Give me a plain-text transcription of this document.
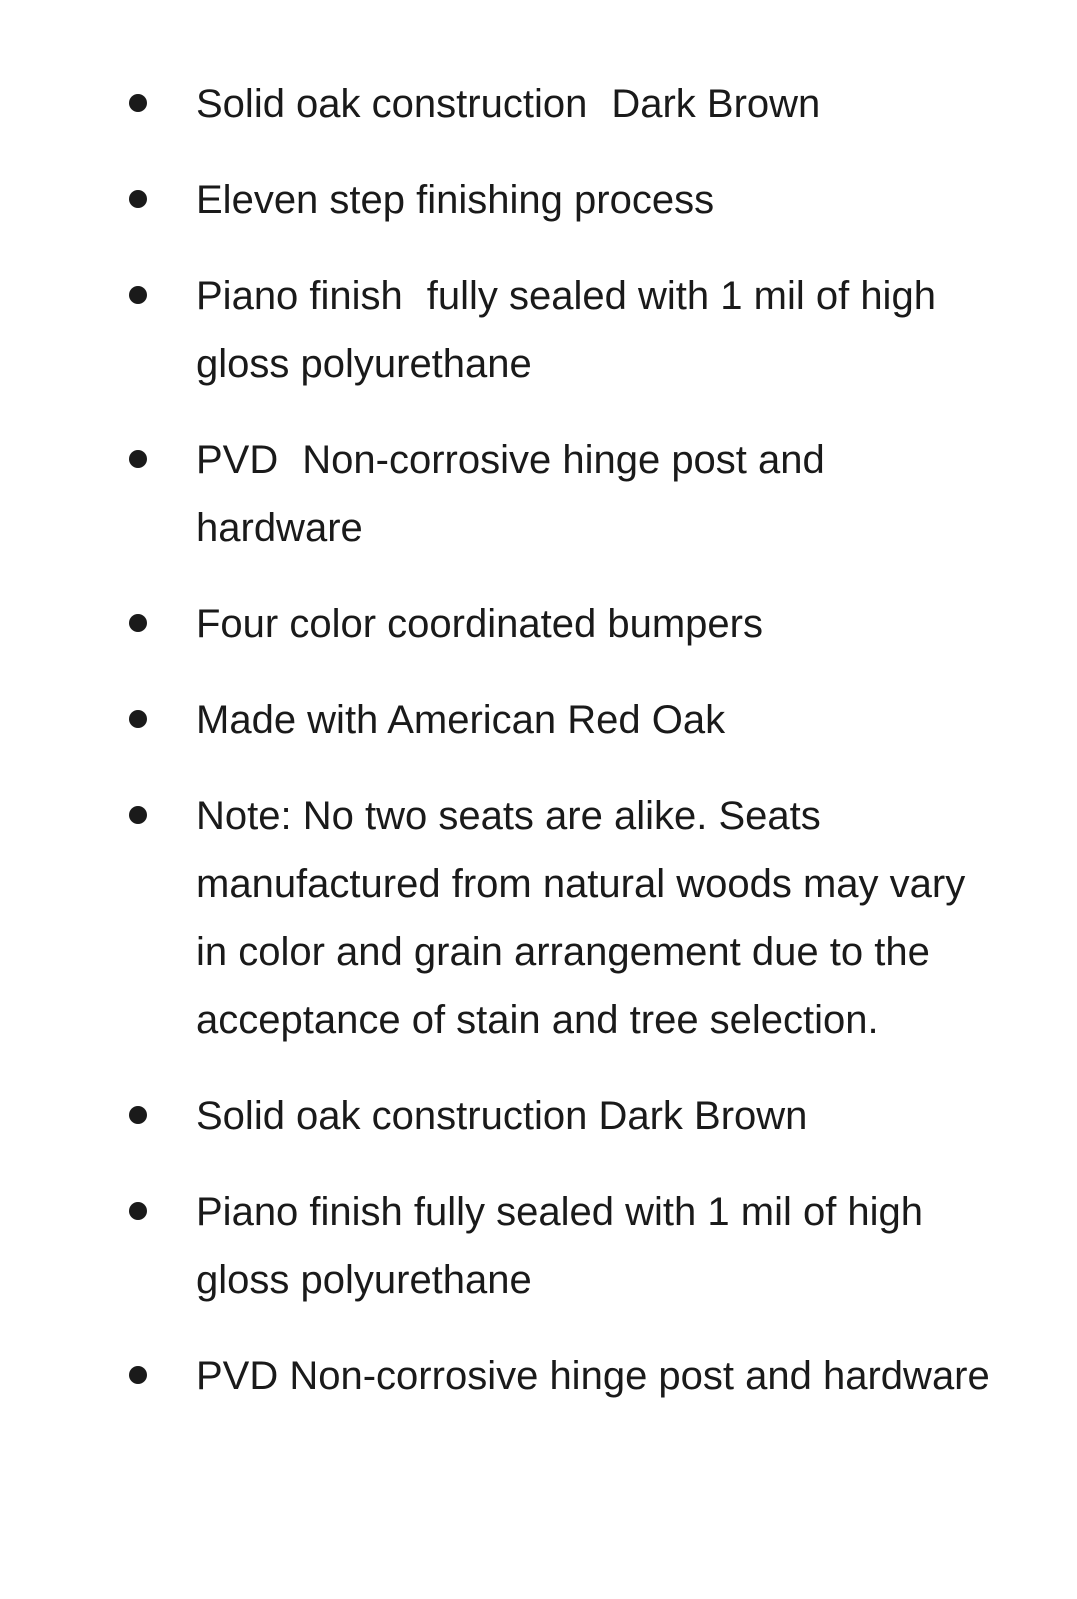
Solid oak construction Dark Brown
Eleven step finishing process
Piano finish fully sealed with 1 mil of high gloss polyurethane
PVD Non-corrosive hinge post and hardware
Four color coordinated bumpers
Made with American Red Oak
Note: No two seats are alike. Seats manufactured from natural woods may vary in color and grain arrangement due to the acceptance of stain and tree selection.
Solid oak construction Dark Brown
Piano finish fully sealed with 1 mil of high gloss polyurethane
PVD Non-corrosive hinge post and hardware
